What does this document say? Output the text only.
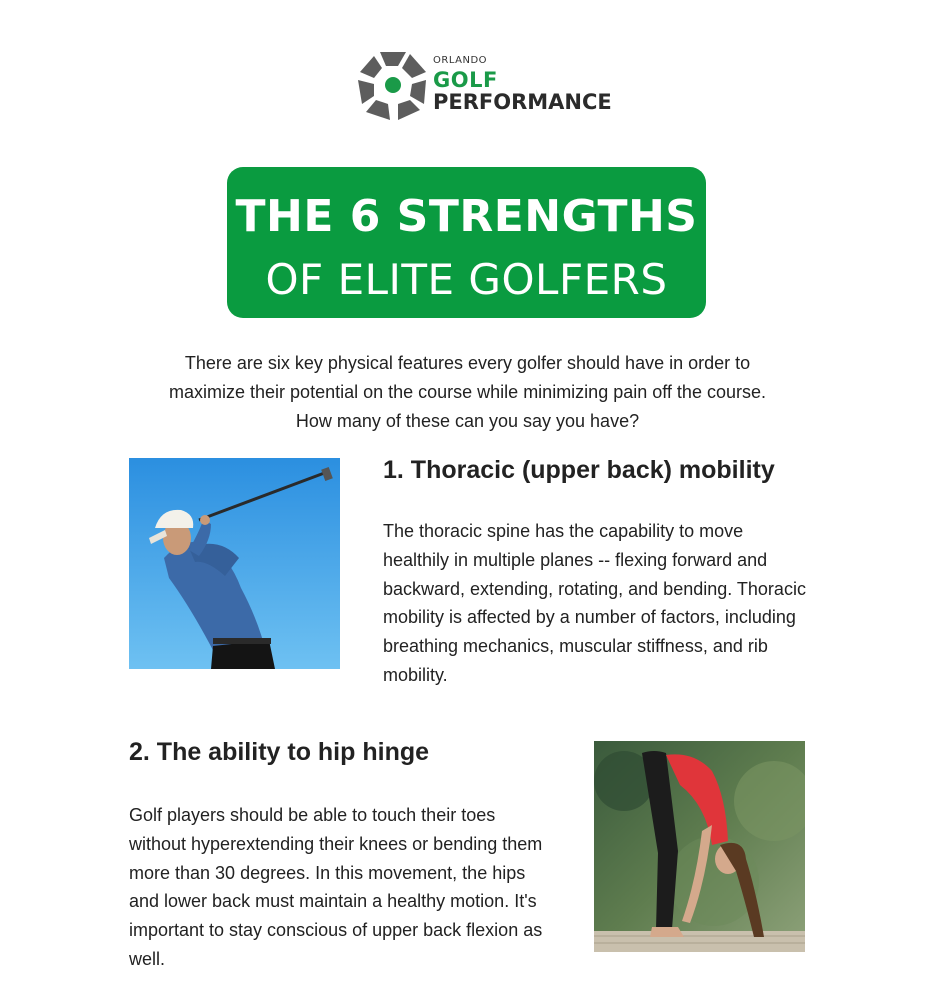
ORLANDO
GOLF
PERFORMANCE
THE 6 STRENGTHS
OF ELITE GOLFERS
There are six key physical features every golfer should have in order to
maximize their potential on the course while minimizing pain off the course.
How many of these can you say you have?
1. Thoracic (upper back) mobility
The thoracic spine has the capability to move healthily in multiple planes -- flexing forward and backward, extending, rotating, and bending. Thoracic mobility is affected by a number of factors, including breathing mechanics, muscular stiffness, and rib mobility.
2. The ability to hip hinge
Golf players should be able to touch their toes without hyperextending their knees or bending them more than 30 degrees. In this movement, the hips and lower back must maintain a healthy motion. It's important to stay conscious of upper back flexion as well.
